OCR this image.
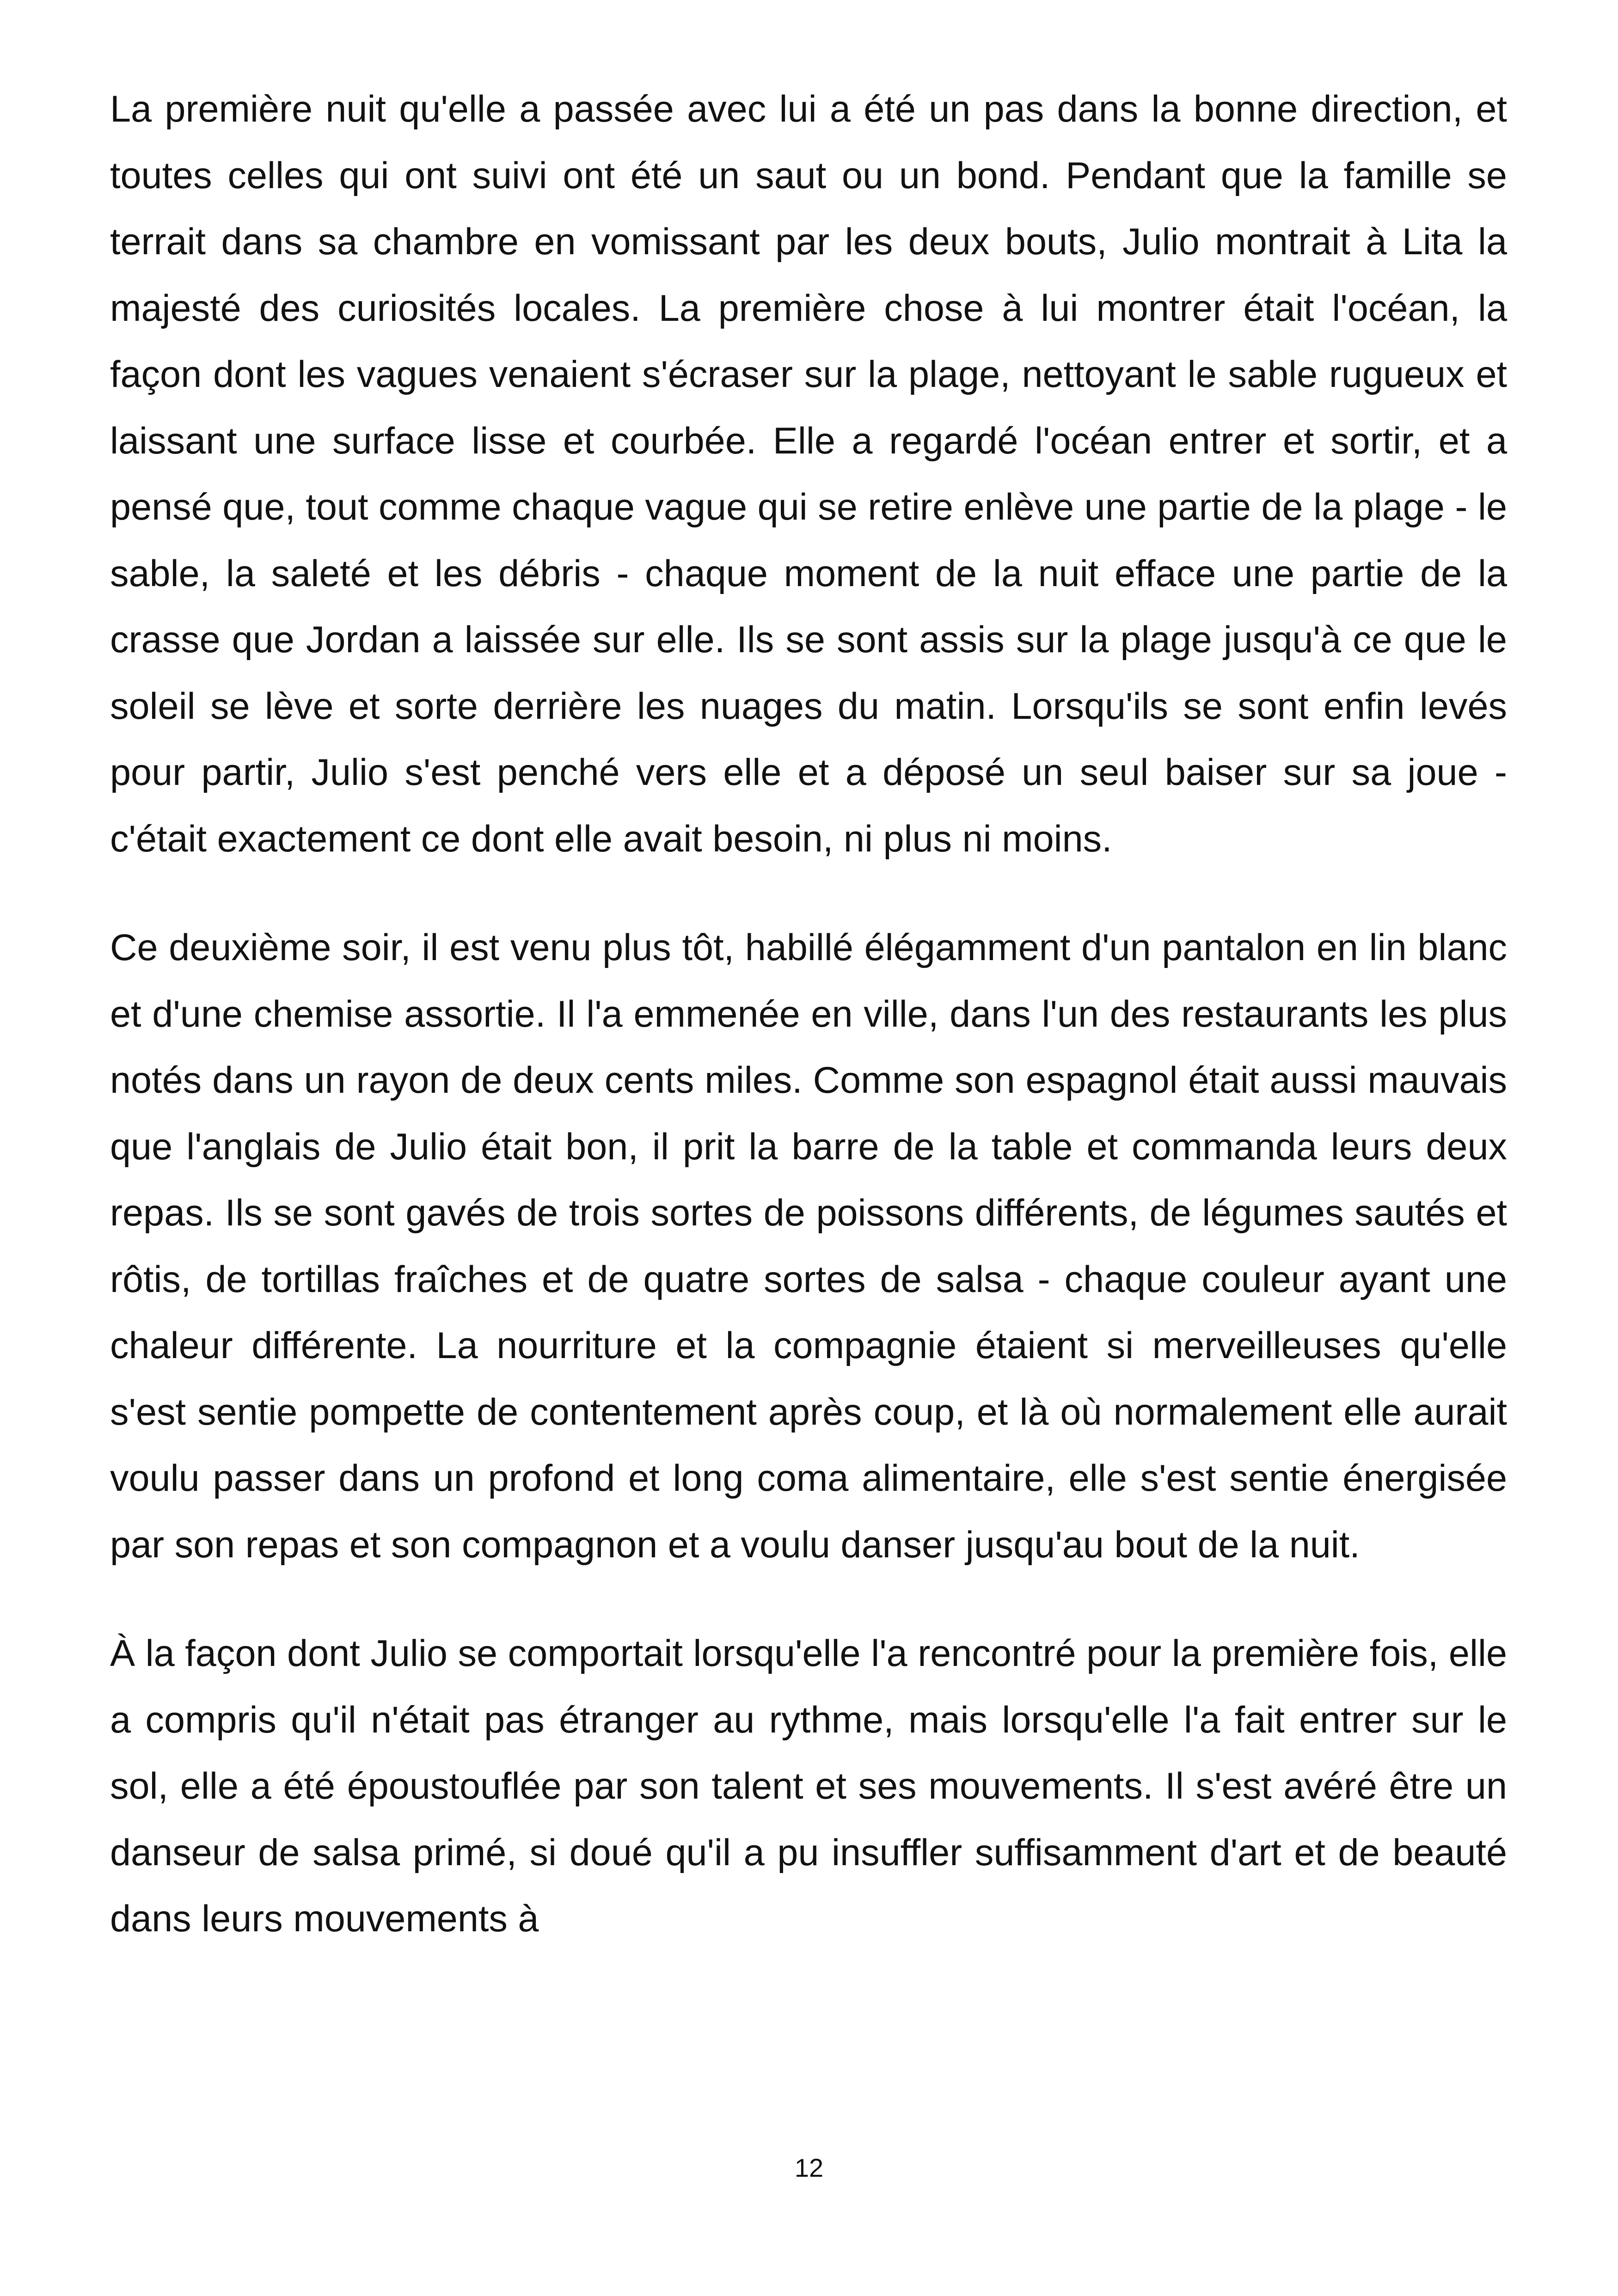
La première nuit qu'elle a passée avec lui a été un pas dans la bonne direction, et toutes celles qui ont suivi ont été un saut ou un bond. Pendant que la famille se terrait dans sa chambre en vomissant par les deux bouts, Julio montrait à Lita la majesté des curiosités locales. La première chose à lui montrer était l'océan, la façon dont les vagues venaient s'écraser sur la plage, nettoyant le sable rugueux et laissant une surface lisse et courbée. Elle a regardé l'océan entrer et sortir, et a pensé que, tout comme chaque vague qui se retire enlève une partie de la plage - le sable, la saleté et les débris - chaque moment de la nuit efface une partie de la crasse que Jordan a laissée sur elle. Ils se sont assis sur la plage jusqu'à ce que le soleil se lève et sorte derrière les nuages du matin. Lorsqu'ils se sont enfin levés pour partir, Julio s'est penché vers elle et a déposé un seul baiser sur sa joue - c'était exactement ce dont elle avait besoin, ni plus ni moins.

Ce deuxième soir, il est venu plus tôt, habillé élégamment d'un pantalon en lin blanc et d'une chemise assortie. Il l'a emmenée en ville, dans l'un des restaurants les plus notés dans un rayon de deux cents miles. Comme son espagnol était aussi mauvais que l'anglais de Julio était bon, il prit la barre de la table et commanda leurs deux repas. Ils se sont gavés de trois sortes de poissons différents, de légumes sautés et rôtis, de tortillas fraîches et de quatre sortes de salsa - chaque couleur ayant une chaleur différente. La nourriture et la compagnie étaient si merveilleuses qu'elle s'est sentie pompette de contentement après coup, et là où normalement elle aurait voulu passer dans un profond et long coma alimentaire, elle s'est sentie énergisée par son repas et son compagnon et a voulu danser jusqu'au bout de la nuit.

À la façon dont Julio se comportait lorsqu'elle l'a rencontré pour la première fois, elle a compris qu'il n'était pas étranger au rythme, mais lorsqu'elle l'a fait entrer sur le sol, elle a été époustouflée par son talent et ses mouvements. Il s'est avéré être un danseur de salsa primé, si doué qu'il a pu insuffler suffisamment d'art et de beauté dans leurs mouvements à

12
